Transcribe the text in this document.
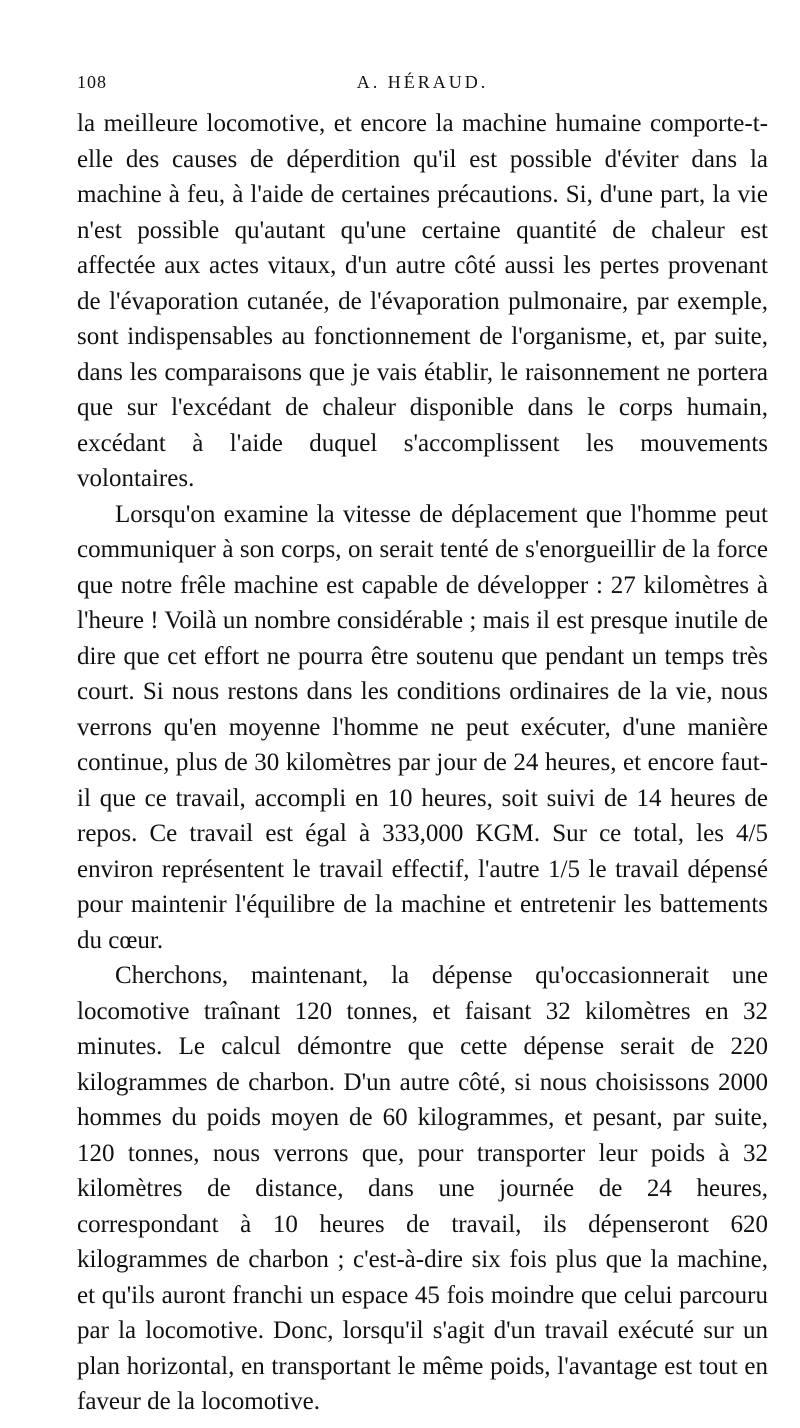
108	A. HÉRAUD.

la meilleure locomotive, et encore la machine humaine comporte-t-elle des causes de déperdition qu'il est possible d'éviter dans la machine à feu, à l'aide de certaines précautions. Si, d'une part, la vie n'est possible qu'autant qu'une certaine quantité de chaleur est affectée aux actes vitaux, d'un autre côté aussi les pertes provenant de l'évaporation cutanée, de l'évaporation pulmonaire, par exemple, sont indispensables au fonctionnement de l'organisme, et, par suite, dans les comparaisons que je vais établir, le raisonnement ne portera que sur l'excédant de chaleur disponible dans le corps humain, excédant à l'aide duquel s'accomplissent les mouvements volontaires.

Lorsqu'on examine la vitesse de déplacement que l'homme peut communiquer à son corps, on serait tenté de s'enorgueillir de la force que notre frêle machine est capable de développer : 27 kilomètres à l'heure ! Voilà un nombre considérable ; mais il est presque inutile de dire que cet effort ne pourra être soutenu que pendant un temps très court. Si nous restons dans les conditions ordinaires de la vie, nous verrons qu'en moyenne l'homme ne peut exécuter, d'une manière continue, plus de 30 kilomètres par jour de 24 heures, et encore faut-il que ce travail, accompli en 10 heures, soit suivi de 14 heures de repos. Ce travail est égal à 333,000 KGM. Sur ce total, les 4/5 environ représentent le travail effectif, l'autre 1/5 le travail dépensé pour maintenir l'équilibre de la machine et entretenir les battements du cœur.

Cherchons, maintenant, la dépense qu'occasionnerait une locomotive traînant 120 tonnes, et faisant 32 kilomètres en 32 minutes. Le calcul démontre que cette dépense serait de 220 kilogrammes de charbon. D'un autre côté, si nous choisissons 2000 hommes du poids moyen de 60 kilogrammes, et pesant, par suite, 120 tonnes, nous verrons que, pour transporter leur poids à 32 kilomètres de distance, dans une journée de 24 heures, correspondant à 10 heures de travail, ils dépenseront 620 kilogrammes de charbon ; c'est-à-dire six fois plus que la machine, et qu'ils auront franchi un espace 45 fois moindre que celui parcouru par la locomotive. Donc, lorsqu'il s'agit d'un travail exécuté sur un plan horizontal, en transportant le même poids, l'avantage est tout en faveur de la locomotive.
